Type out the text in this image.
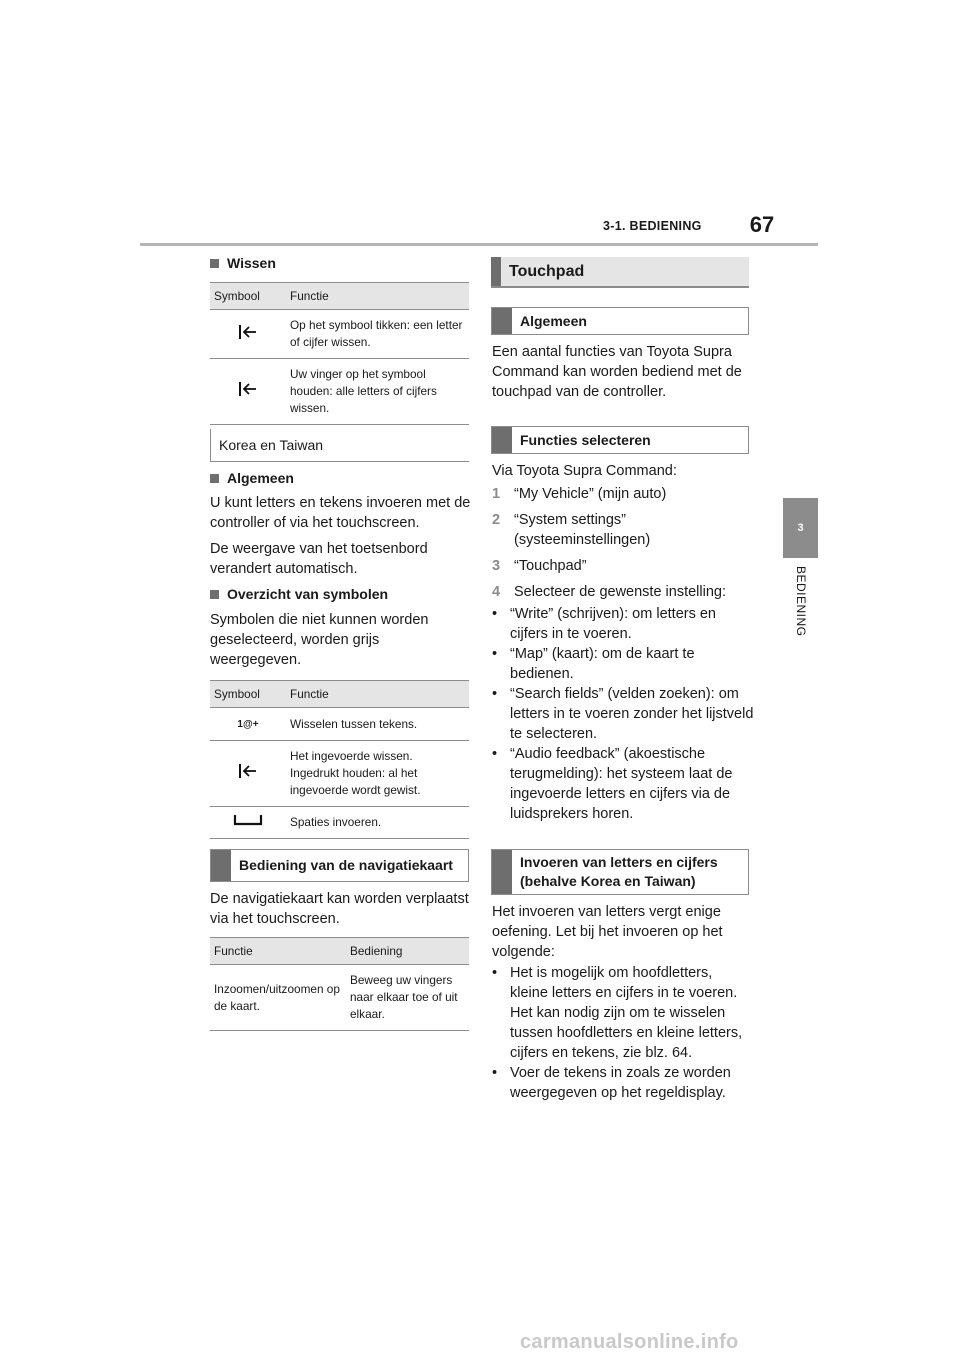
3-1. BEDIENING	67
3
BEDIENING
Wissen
Symbool	Functie
	Op het symbool tikken: een letter of cijfer wissen.
	Uw vinger op het symbool houden: alle letters of cijfers wissen.
Korea en Taiwan
Algemeen
U kunt letters en tekens invoeren met de controller of via het touchscreen.
De weergave van het toetsenbord verandert automatisch.
Overzicht van symbolen
Symbolen die niet kunnen worden geselecteerd, worden grijs weergegeven.
Symbool	Functie
1@+	Wisselen tussen tekens.
	Het ingevoerde wissen. Ingedrukt houden: al het ingevoerde wordt gewist.
	Spaties invoeren.
Bediening van de navigatiekaart
De navigatiekaart kan worden verplaatst via het touchscreen.
Functie	Bediening
Inzoomen/uitzoomen op de kaart.	Beweeg uw vingers naar elkaar toe of uit elkaar.
Touchpad
Algemeen
Een aantal functies van Toyota Supra Command kan worden bediend met de touchpad van de controller.
Functies selecteren
Via Toyota Supra Command:
1 “My Vehicle” (mijn auto)
2 “System settings” (systeeminstellingen)
3 “Touchpad”
4 Selecteer de gewenste instelling:
• “Write” (schrijven): om letters en cijfers in te voeren.
• “Map” (kaart): om de kaart te bedienen.
• “Search fields” (velden zoeken): om letters in te voeren zonder het lijstveld te selecteren.
• “Audio feedback” (akoestische terugmelding): het systeem laat de ingevoerde letters en cijfers via de luidsprekers horen.
Invoeren van letters en cijfers (behalve Korea en Taiwan)
Het invoeren van letters vergt enige oefening. Let bij het invoeren op het volgende:
• Het is mogelijk om hoofdletters, kleine letters en cijfers in te voeren. Het kan nodig zijn om te wisselen tussen hoofdletters en kleine letters, cijfers en tekens, zie blz. 64.
• Voer de tekens in zoals ze worden weergegeven op het regeldisplay.
carmanualsonline.info
